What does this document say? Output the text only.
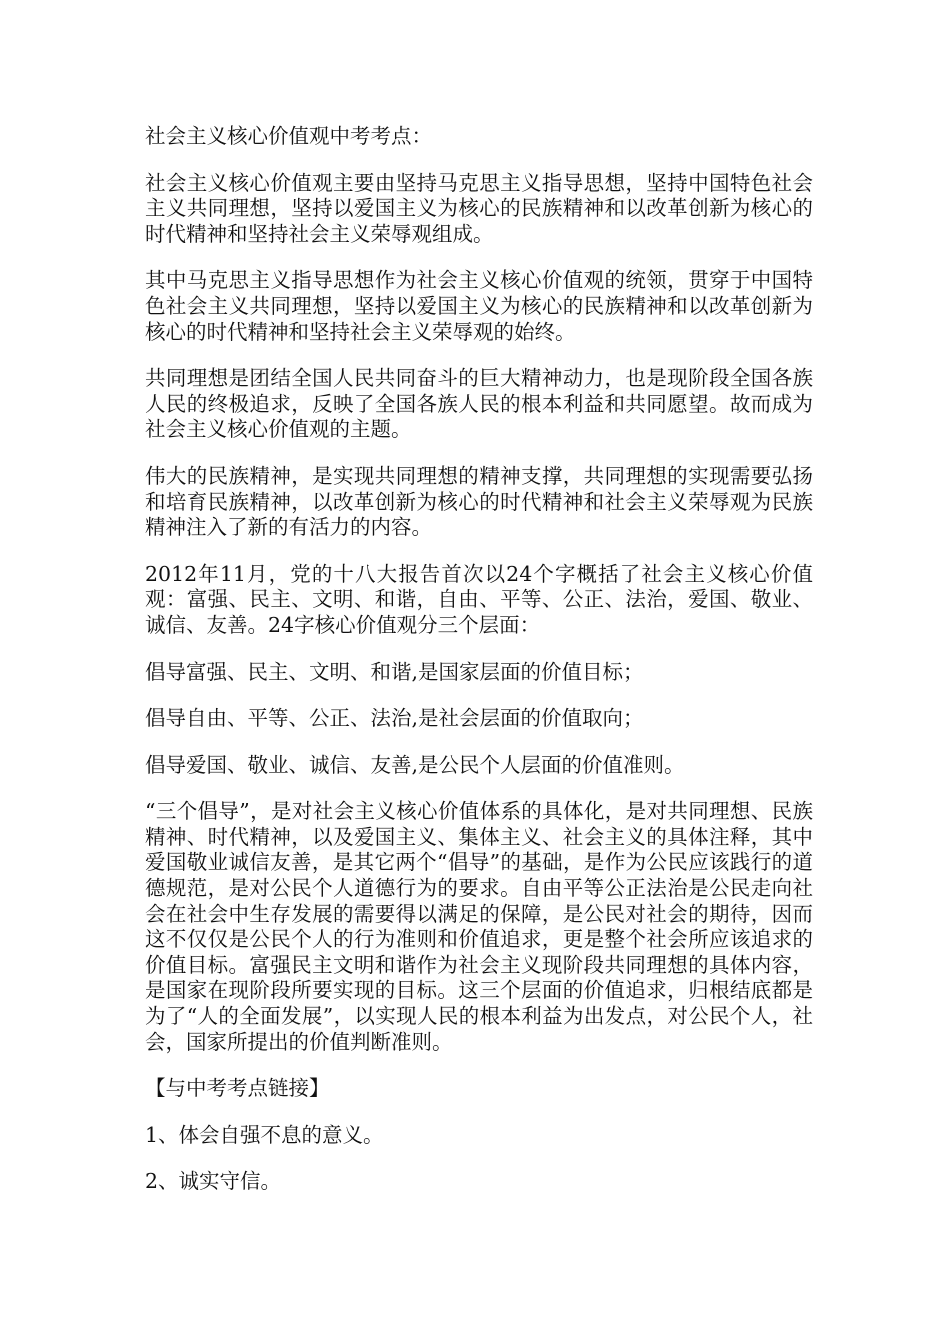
社会主义核心价值观中考考点：

社会主义核心价值观主要由坚持马克思主义指导思想，坚持中国特色社会主义共同理想，坚持以爱国主义为核心的民族精神和以改革创新为核心的时代精神和坚持社会主义荣辱观组成。

其中马克思主义指导思想作为社会主义核心价值观的统领，贯穿于中国特色社会主义共同理想，坚持以爱国主义为核心的民族精神和以改革创新为核心的时代精神和坚持社会主义荣辱观的始终。

共同理想是团结全国人民共同奋斗的巨大精神动力，也是现阶段全国各族人民的终极追求，反映了全国各族人民的根本利益和共同愿望。故而成为社会主义核心价值观的主题。

伟大的民族精神，是实现共同理想的精神支撑，共同理想的实现需要弘扬和培育民族精神，以改革创新为核心的时代精神和社会主义荣辱观为民族精神注入了新的有活力的内容。

2012年11月，党的十八大报告首次以24个字概括了社会主义核心价值观：富强、民主、文明、和谐，自由、平等、公正、法治，爱国、敬业、诚信、友善。24字核心价值观分三个层面：

倡导富强、民主、文明、和谐,是国家层面的价值目标；

倡导自由、平等、公正、法治,是社会层面的价值取向；

倡导爱国、敬业、诚信、友善,是公民个人层面的价值准则。

“三个倡导”，是对社会主义核心价值体系的具体化，是对共同理想、民族精神、时代精神，以及爱国主义、集体主义、社会主义的具体注释，其中爱国敬业诚信友善，是其它两个“倡导”的基础，是作为公民应该践行的道德规范，是对公民个人道德行为的要求。自由平等公正法治是公民走向社会在社会中生存发展的需要得以满足的保障，是公民对社会的期待，因而这不仅仅是公民个人的行为准则和价值追求，更是整个社会所应该追求的价值目标。富强民主文明和谐作为社会主义现阶段共同理想的具体内容，是国家在现阶段所要实现的目标。这三个层面的价值追求，归根结底都是为了“人的全面发展”，以实现人民的根本利益为出发点，对公民个人，社会，国家所提出的价值判断准则。

【与中考考点链接】

1、体会自强不息的意义。

2、诚实守信。
